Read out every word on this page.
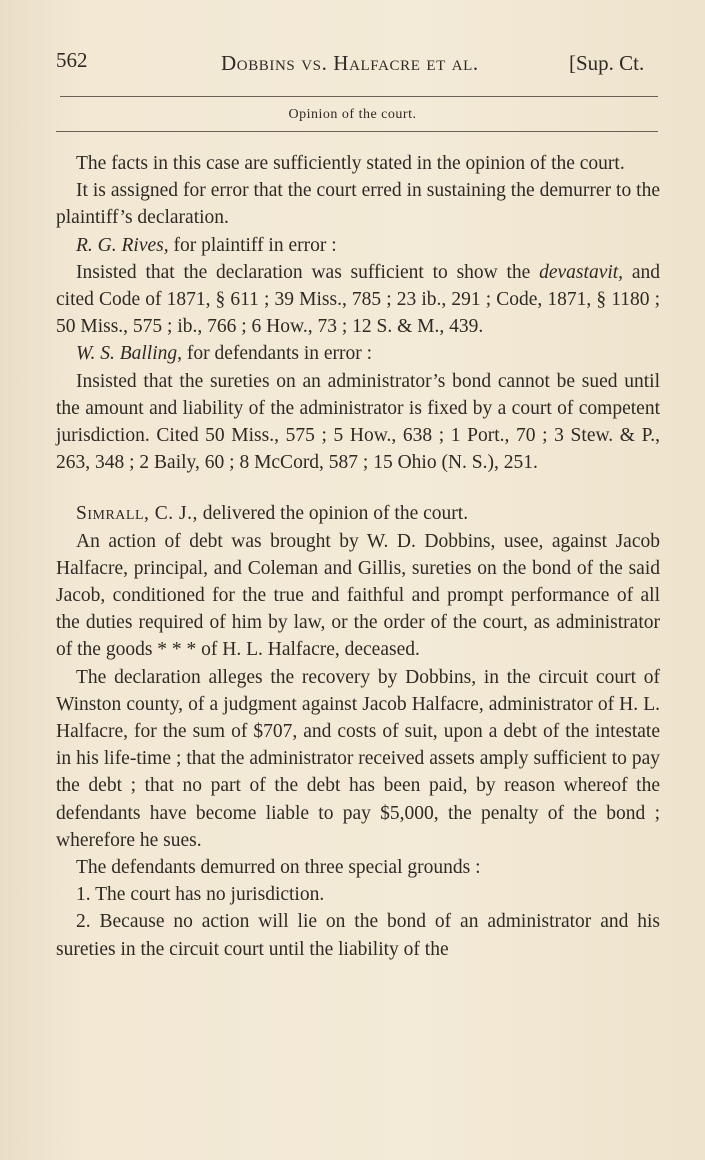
562	Dobbins vs. Halfacre et al.	[Sup. Ct.
Opinion of the court.

The facts in this case are sufficiently stated in the opinion of the court.

It is assigned for error that the court erred in sustaining the demurrer to the plaintiff’s declaration.

R. G. Rives, for plaintiff in error :

Insisted that the declaration was sufficient to show the devastavit, and cited Code of 1871, § 611 ; 39 Miss., 785 ; 23 ib., 291 ; Code, 1871, § 1180 ; 50 Miss., 575 ; ib., 766 ; 6 How., 73 ; 12 S. & M., 439.

W. S. Balling, for defendants in error :

Insisted that the sureties on an administrator’s bond cannot be sued until the amount and liability of the administrator is fixed by a court of competent jurisdiction. Cited 50 Miss., 575 ; 5 How., 638 ; 1 Port., 70 ; 3 Stew. & P., 263, 348 ; 2 Baily, 60 ; 8 McCord, 587 ; 15 Ohio (N. S.), 251.

Simrall, C. J., delivered the opinion of the court.

An action of debt was brought by W. D. Dobbins, usee, against Jacob Halfacre, principal, and Coleman and Gillis, sureties on the bond of the said Jacob, conditioned for the true and faithful and prompt performance of all the duties required of him by law, or the order of the court, as administrator of the goods * * * of H. L. Halfacre, deceased.

The declaration alleges the recovery by Dobbins, in the circuit court of Winston county, of a judgment against Jacob Halfacre, administrator of H. L. Halfacre, for the sum of $707, and costs of suit, upon a debt of the intestate in his life-time ; that the administrator received assets amply sufficient to pay the debt ; that no part of the debt has been paid, by reason whereof the defendants have become liable to pay $5,000, the penalty of the bond ; wherefore he sues.

The defendants demurred on three special grounds :

1. The court has no jurisdiction.

2. Because no action will lie on the bond of an administrator and his sureties in the circuit court until the liability of the
